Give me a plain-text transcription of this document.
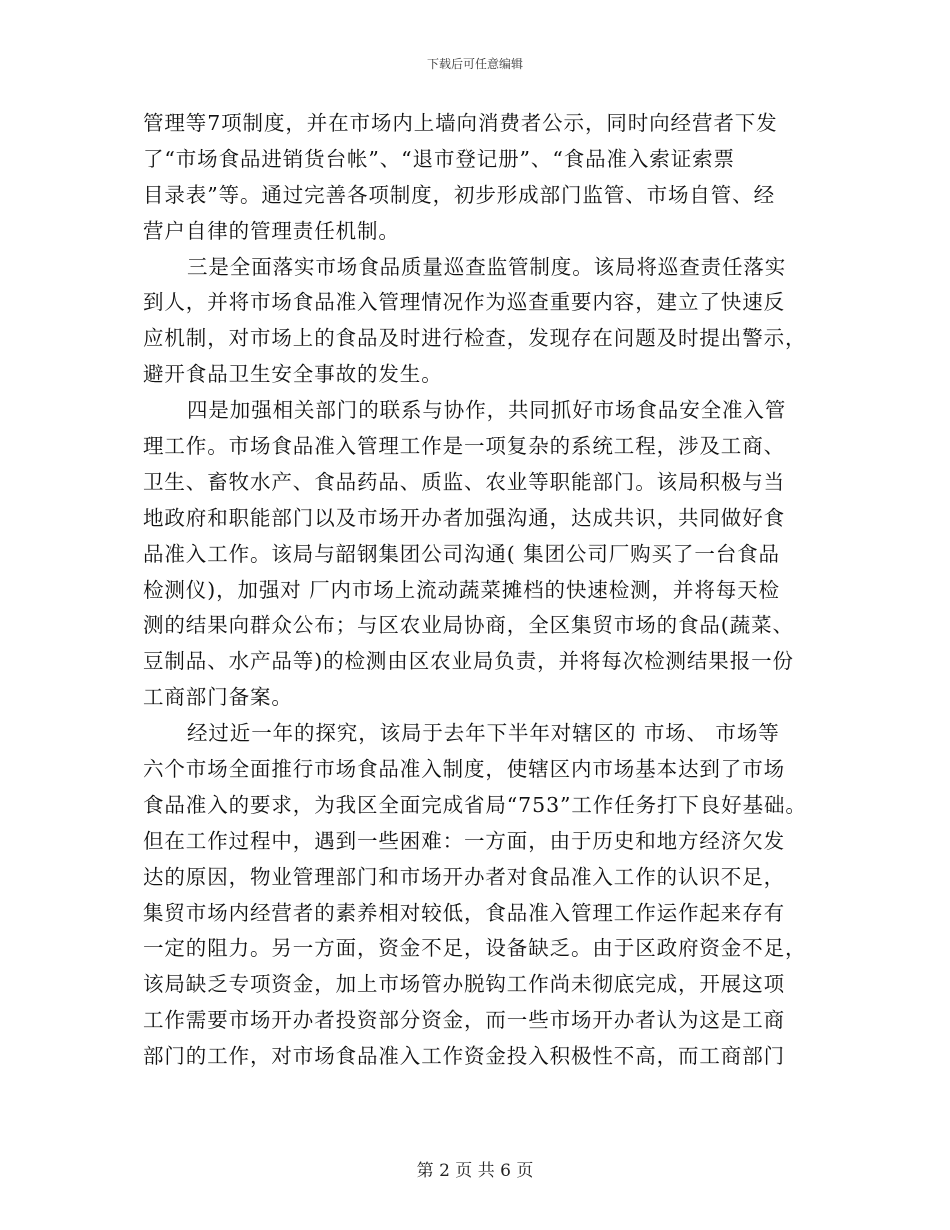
下载后可任意编辑
管理等7项制度，并在市场内上墙向消费者公示，同时向经营者下发
了“市场食品进销货台帐”、“退市登记册”、“食品准入索证索票
目录表”等。通过完善各项制度，初步形成部门监管、市场自管、经
营户自律的管理责任机制。
三是全面落实市场食品质量巡查监管制度。该局将巡查责任落实
到人，并将市场食品准入管理情况作为巡查重要内容，建立了快速反
应机制，对市场上的食品及时进行检查，发现存在问题及时提出警示，
避开食品卫生安全事故的发生。
四是加强相关部门的联系与协作，共同抓好市场食品安全准入管
理工作。市场食品准入管理工作是一项复杂的系统工程，涉及工商、
卫生、畜牧水产、食品药品、质监、农业等职能部门。该局积极与当
地政府和职能部门以及市场开办者加强沟通，达成共识，共同做好食
品准入工作。该局与韶钢集团公司沟通( 集团公司厂购买了一台食品
检测仪)，加强对 厂内市场上流动蔬菜摊档的快速检测，并将每天检
测的结果向群众公布；与区农业局协商，全区集贸市场的食品(蔬菜、
豆制品、水产品等)的检测由区农业局负责，并将每次检测结果报一份
工商部门备案。
经过近一年的探究，该局于去年下半年对辖区的 市场、 市场等
六个市场全面推行市场食品准入制度，使辖区内市场基本达到了市场
食品准入的要求，为我区全面完成省局“753”工作任务打下良好基础。
但在工作过程中，遇到一些困难：一方面，由于历史和地方经济欠发
达的原因，物业管理部门和市场开办者对食品准入工作的认识不足，
集贸市场内经营者的素养相对较低，食品准入管理工作运作起来存有
一定的阻力。另一方面，资金不足，设备缺乏。由于区政府资金不足，
该局缺乏专项资金，加上市场管办脱钩工作尚未彻底完成，开展这项
工作需要市场开办者投资部分资金，而一些市场开办者认为这是工商
部门的工作，对市场食品准入工作资金投入积极性不高，而工商部门
第 2 页 共 6 页
